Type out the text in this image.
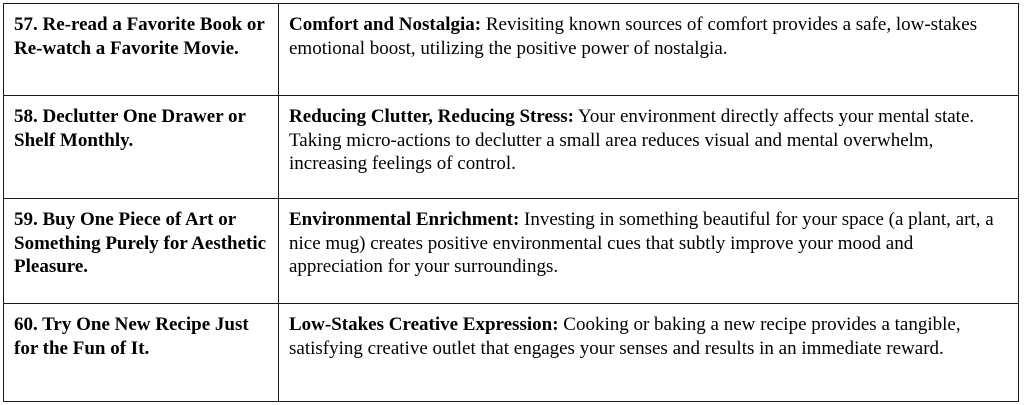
57. Re-read a Favorite Book or Re-watch a Favorite Movie.	Comfort and Nostalgia: Revisiting known sources of comfort provides a safe, low-stakes emotional boost, utilizing the positive power of nostalgia.
58. Declutter One Drawer or Shelf Monthly.	Reducing Clutter, Reducing Stress: Your environment directly affects your mental state. Taking micro-actions to declutter a small area reduces visual and mental overwhelm, increasing feelings of control.
59. Buy One Piece of Art or Something Purely for Aesthetic Pleasure.	Environmental Enrichment: Investing in something beautiful for your space (a plant, art, a nice mug) creates positive environmental cues that subtly improve your mood and appreciation for your surroundings.
60. Try One New Recipe Just for the Fun of It.	Low-Stakes Creative Expression: Cooking or baking a new recipe provides a tangible, satisfying creative outlet that engages your senses and results in an immediate reward.
